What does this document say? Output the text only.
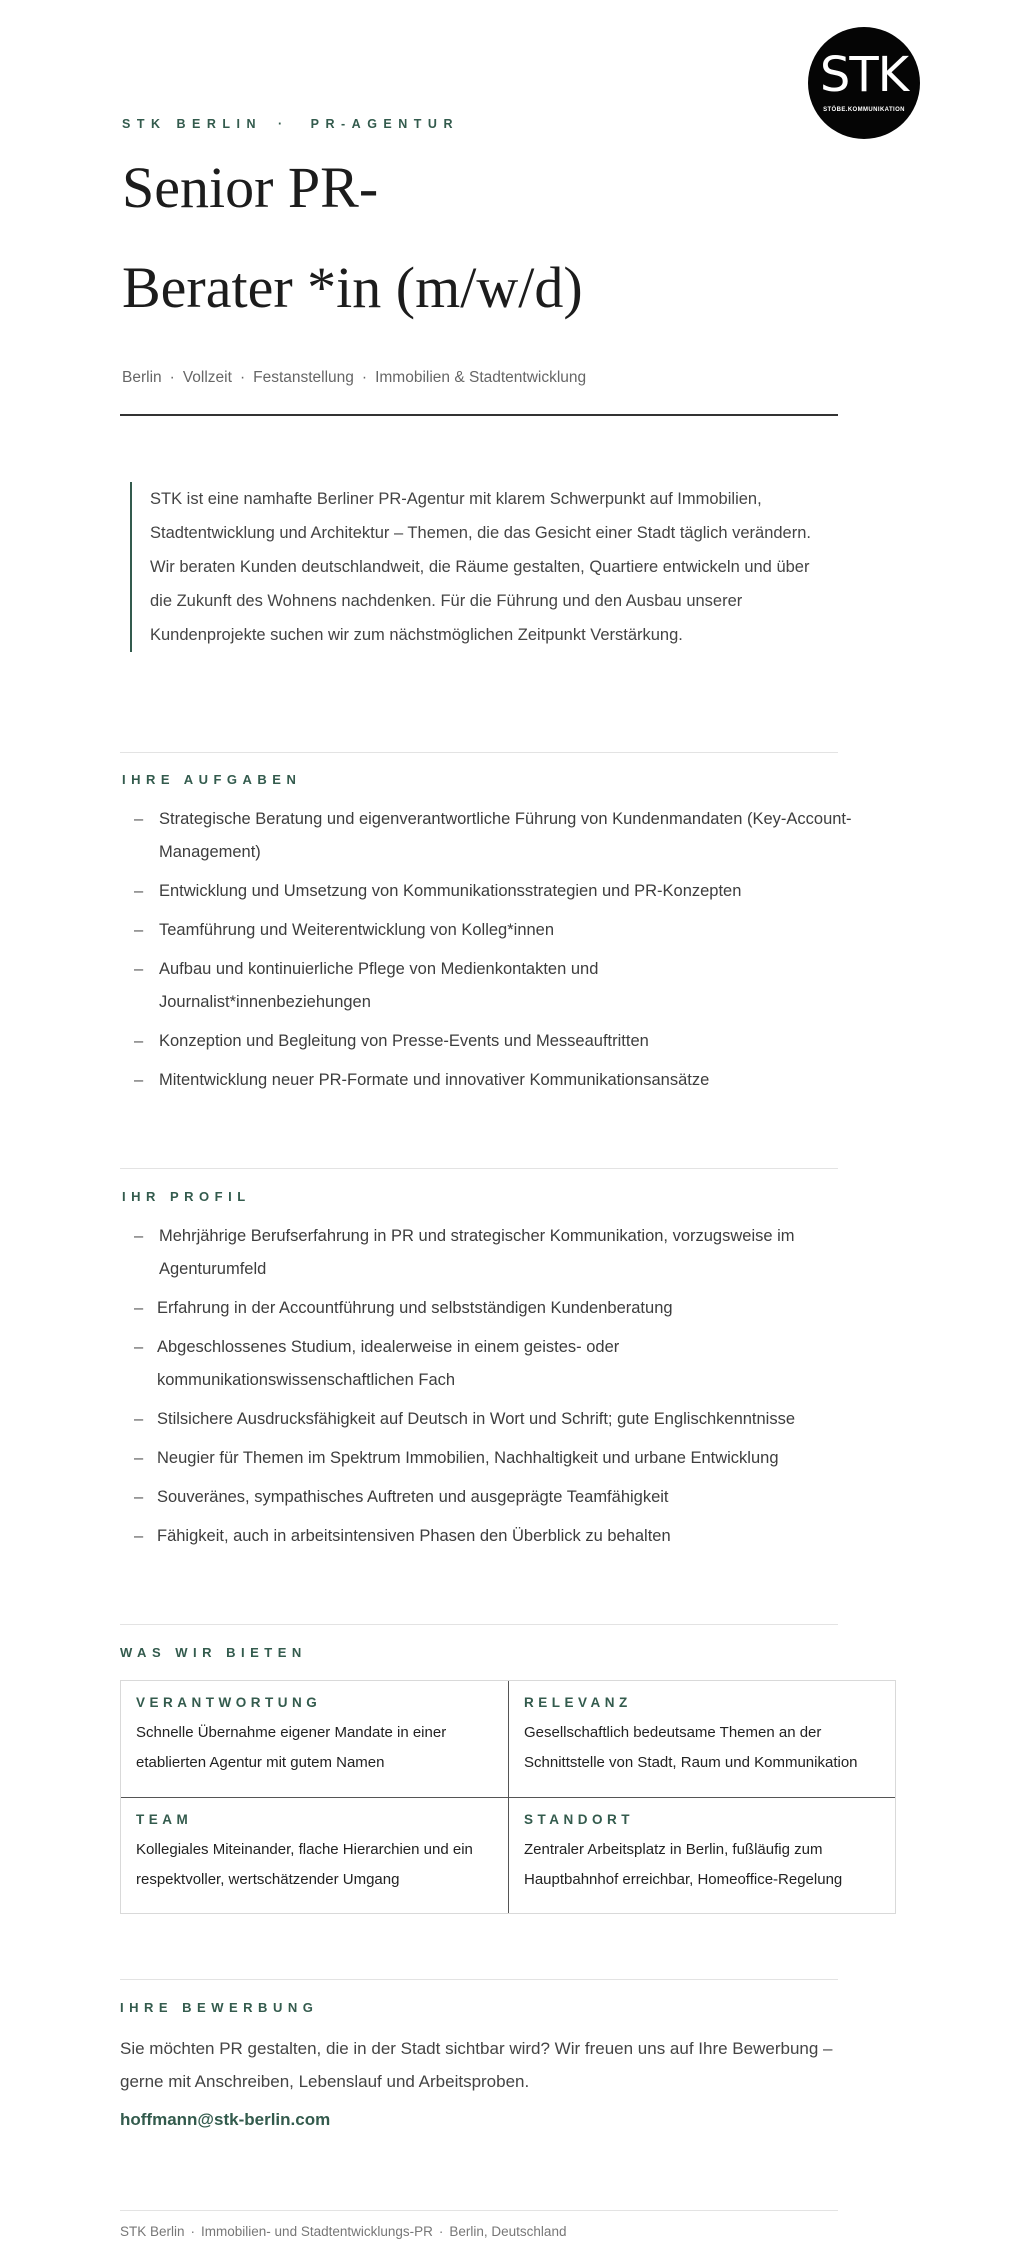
STK
STÖBE.KOMMUNIKATION
STK BERLIN · PR-AGENTUR
Senior PR-
Berater *in (m/w/d)
Berlin · Vollzeit · Festanstellung · Immobilien & Stadtentwicklung

STK ist eine namhafte Berliner PR-Agentur mit klarem Schwerpunkt auf Immobilien, Stadtentwicklung und Architektur – Themen, die das Gesicht einer Stadt täglich verändern. Wir beraten Kunden deutschlandweit, die Räume gestalten, Quartiere entwickeln und über die Zukunft des Wohnens nachdenken. Für die Führung und den Ausbau unserer Kundenprojekte suchen wir zum nächstmöglichen Zeitpunkt Verstärkung.

IHRE AUFGABEN
– Strategische Beratung und eigenverantwortliche Führung von Kundenmandaten (Key-Account-Management)
– Entwicklung und Umsetzung von Kommunikationsstrategien und PR-Konzepten
– Teamführung und Weiterentwicklung von Kolleg*innen
– Aufbau und kontinuierliche Pflege von Medienkontakten und Journalist*innenbeziehungen
– Konzeption und Begleitung von Presse-Events und Messeauftritten
– Mitentwicklung neuer PR-Formate und innovativer Kommunikationsansätze
IHR PROFIL
– Mehrjährige Berufserfahrung in PR und strategischer Kommunikation, vorzugsweise im Agenturumfeld
– Erfahrung in der Accountführung und selbstständigen Kundenberatung
– Abgeschlossenes Studium, idealerweise in einem geistes- oder kommunikationswissenschaftlichen Fach
– Stilsichere Ausdrucksfähigkeit auf Deutsch in Wort und Schrift; gute Englischkenntnisse
– Neugier für Themen im Spektrum Immobilien, Nachhaltigkeit und urbane Entwicklung
– Souveränes, sympathisches Auftreten und ausgeprägte Teamfähigkeit
– Fähigkeit, auch in arbeitsintensiven Phasen den Überblick zu behalten
WAS WIR BIETEN
VERANTWORTUNG
Schnelle Übernahme eigener Mandate in einer etablierten Agentur mit gutem Namen
RELEVANZ
Gesellschaftlich bedeutsame Themen an der Schnittstelle von Stadt, Raum und Kommunikation
TEAM
Kollegiales Miteinander, flache Hierarchien und ein respektvoller, wertschätzender Umgang
STANDORT
Zentraler Arbeitsplatz in Berlin, fußläufig zum Hauptbahnhof erreichbar, Homeoffice-Regelung
IHRE BEWERBUNG

Sie möchten PR gestalten, die in der Stadt sichtbar wird? Wir freuen uns auf Ihre Bewerbung – gerne mit Anschreiben, Lebenslauf und Arbeitsproben.

hoffmann@stk-berlin.com
STK Berlin · Immobilien- und Stadtentwicklungs-PR · Berlin, Deutschland
